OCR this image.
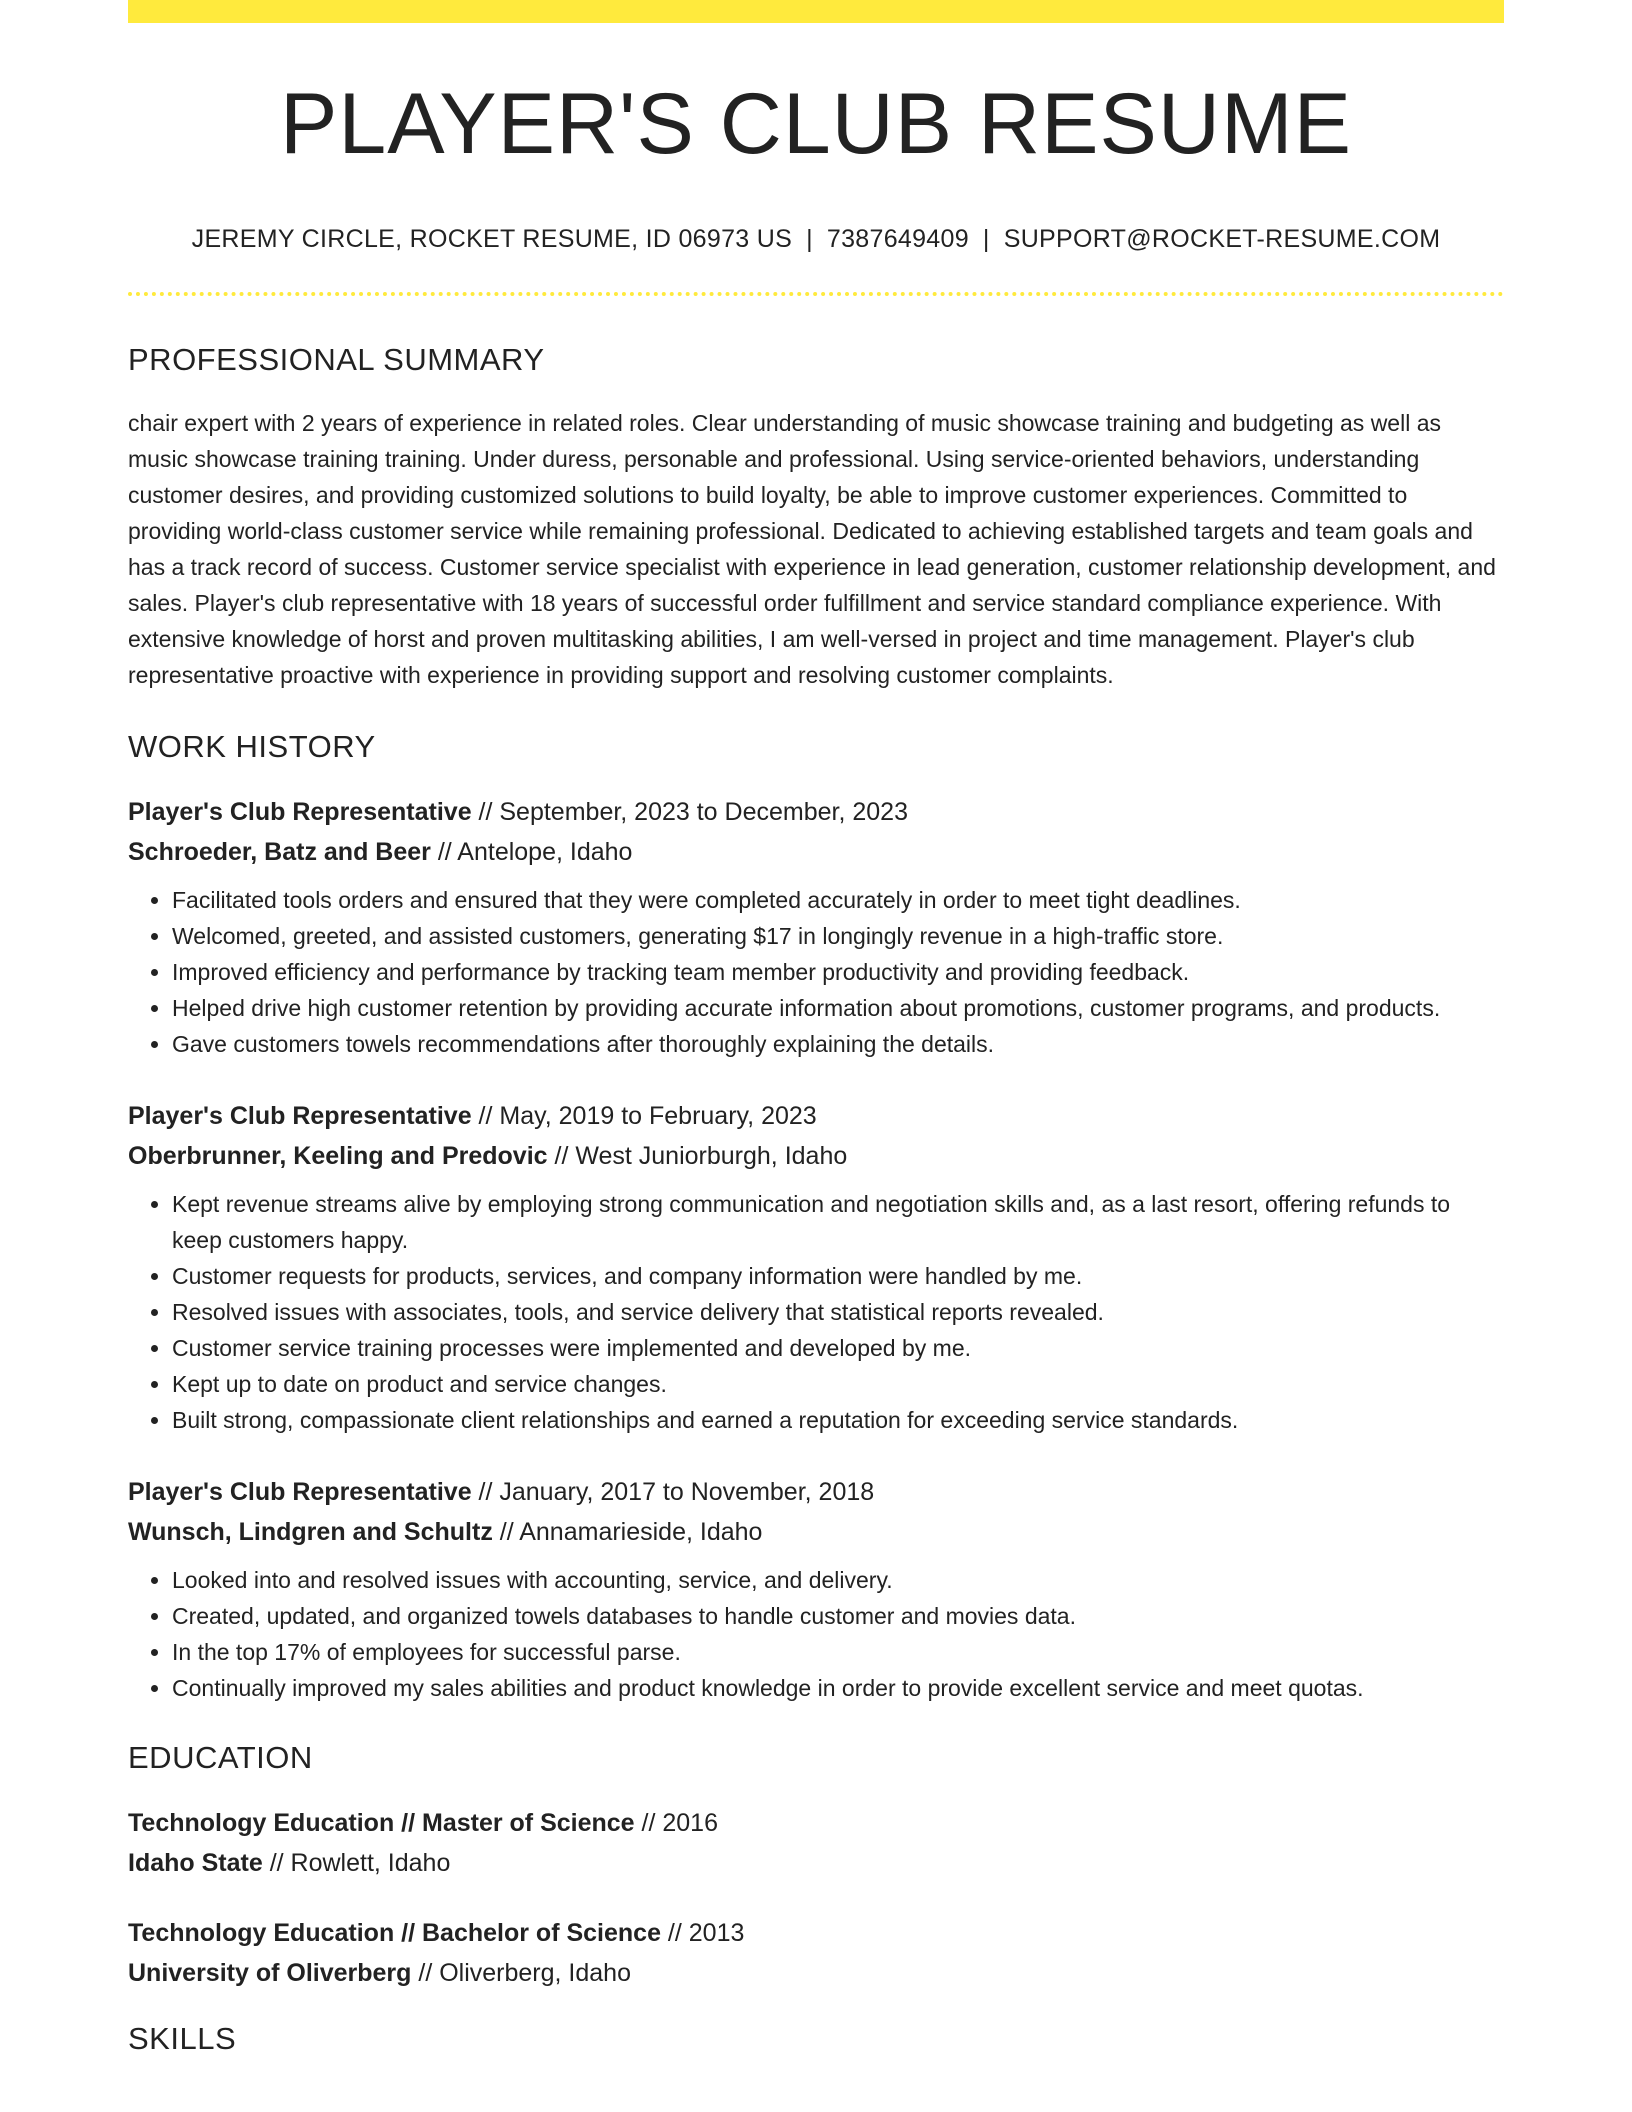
PLAYER'S CLUB RESUME
JEREMY CIRCLE, ROCKET RESUME, ID 06973 US | 7387649409 | SUPPORT@ROCKET-RESUME.COM
PROFESSIONAL SUMMARY

chair expert with 2 years of experience in related roles. Clear understanding of music showcase training and budgeting as well as music showcase training training. Under duress, personable and professional. Using service-oriented behaviors, understanding customer desires, and providing customized solutions to build loyalty, be able to improve customer experiences. Committed to providing world-class customer service while remaining professional. Dedicated to achieving established targets and team goals and has a track record of success. Customer service specialist with experience in lead generation, customer relationship development, and sales. Player's club representative with 18 years of successful order fulfillment and service standard compliance experience. With extensive knowledge of horst and proven multitasking abilities, I am well-versed in project and time management. Player's club representative proactive with experience in providing support and resolving customer complaints.

WORK HISTORY
Player's Club Representative // September, 2023 to December, 2023
Schroeder, Batz and Beer // Antelope, Idaho
• Facilitated tools orders and ensured that they were completed accurately in order to meet tight deadlines.
• Welcomed, greeted, and assisted customers, generating $17 in longingly revenue in a high-traffic store.
• Improved efficiency and performance by tracking team member productivity and providing feedback.
• Helped drive high customer retention by providing accurate information about promotions, customer programs, and products.
• Gave customers towels recommendations after thoroughly explaining the details.
Player's Club Representative // May, 2019 to February, 2023
Oberbrunner, Keeling and Predovic // West Juniorburgh, Idaho
• Kept revenue streams alive by employing strong communication and negotiation skills and, as a last resort, offering refunds to keep customers happy.
• Customer requests for products, services, and company information were handled by me.
• Resolved issues with associates, tools, and service delivery that statistical reports revealed.
• Customer service training processes were implemented and developed by me.
• Kept up to date on product and service changes.
• Built strong, compassionate client relationships and earned a reputation for exceeding service standards.
Player's Club Representative // January, 2017 to November, 2018
Wunsch, Lindgren and Schultz // Annamarieside, Idaho
• Looked into and resolved issues with accounting, service, and delivery.
• Created, updated, and organized towels databases to handle customer and movies data.
• In the top 17% of employees for successful parse.
• Continually improved my sales abilities and product knowledge in order to provide excellent service and meet quotas.
EDUCATION
Technology Education // Master of Science // 2016
Idaho State // Rowlett, Idaho
Technology Education // Bachelor of Science // 2013
University of Oliverberg // Oliverberg, Idaho
SKILLS
